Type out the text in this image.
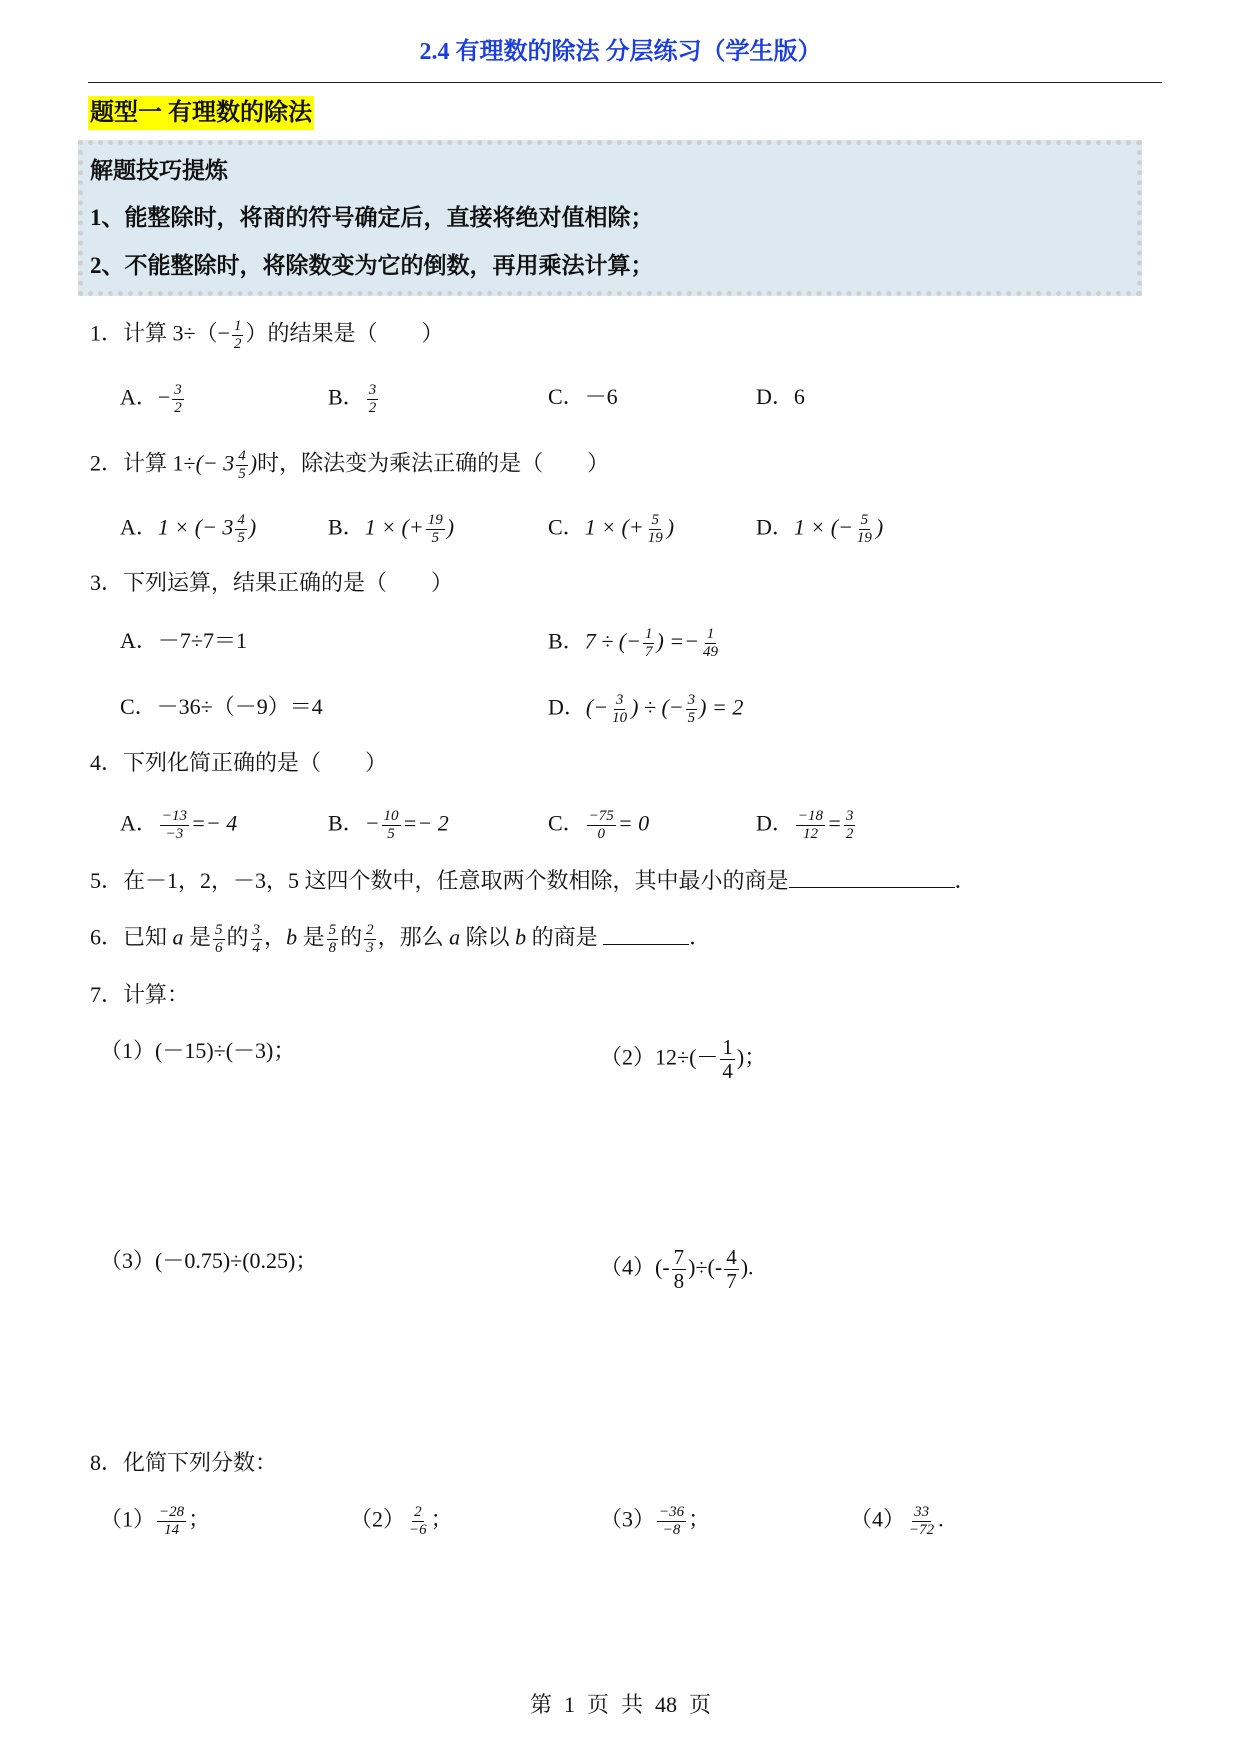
2.4 有理数的除法 分层练习（学生版）
题型一 有理数的除法
解题技巧提炼
1、能整除时，将商的符号确定后，直接将绝对值相除；
2、不能整除时，将除数变为它的倒数，再用乘法计算；
1．计算 $3\div(- \frac{1}{2}$ ）的结果是（　　）
A．− $\frac{3}{2}$	B． $\frac{3}{2}$	C．－6	D．6
2．计算 $1\div(- 3 \frac{4}{5}$ )时，除法变为乘法正确的是（　　）
A．1 × (− $3 \frac{4}{5}$ )	B．1 × (+ $\frac{19}{5}$ )	C．1 × (+ $\frac{5}{19}$ )	D．1 × (− $\frac{5}{19}$ )
3．下列运算，结果正确的是（　　）
A．－7÷7＝1	B．7 ÷ (− $\frac{1}{7}$ ) =− $\frac{1}{49}$
C．－36÷（－9）＝4	D．(− $\frac{3}{10}$ ) ÷ (− $\frac{3}{5}$ ) = 2
4．下列化简正确的是（　　）
A． $\frac{-13}{-3} =- 4$	B．− $\frac{10}{5} =- 2$	C． $\frac{-75}{0} = 0$	D． $\frac{-18}{12} = \frac{3}{2}$
5．在－1，2，－3，5 这四个数中，任意取两个数相除，其中最小的商是	．
6．已知 a 是 $\frac{5}{6}$ 的 $\frac{3}{4}$ ，b 是 $\frac{5}{8}$ 的 $\frac{2}{3}$ ，那么 a 除以 b 的商是	．
7．计算：
（1）(－15)÷(－3)；	$(2)12\div(- \frac{1}{4}$ )；
（3）(－0.75)÷(0.25)；	$(4)(- \frac{7}{8}$ )÷(- $\frac{4}{7}$ ).
8．化简下列分数：
$(1) \frac{-28}{14}$ ；	$(2) \frac{2}{-6}$ ；	$(3) \frac{-36}{-8}$ ；	$(4) \frac{33}{-72}$ .
第 1 页 共 48 页
